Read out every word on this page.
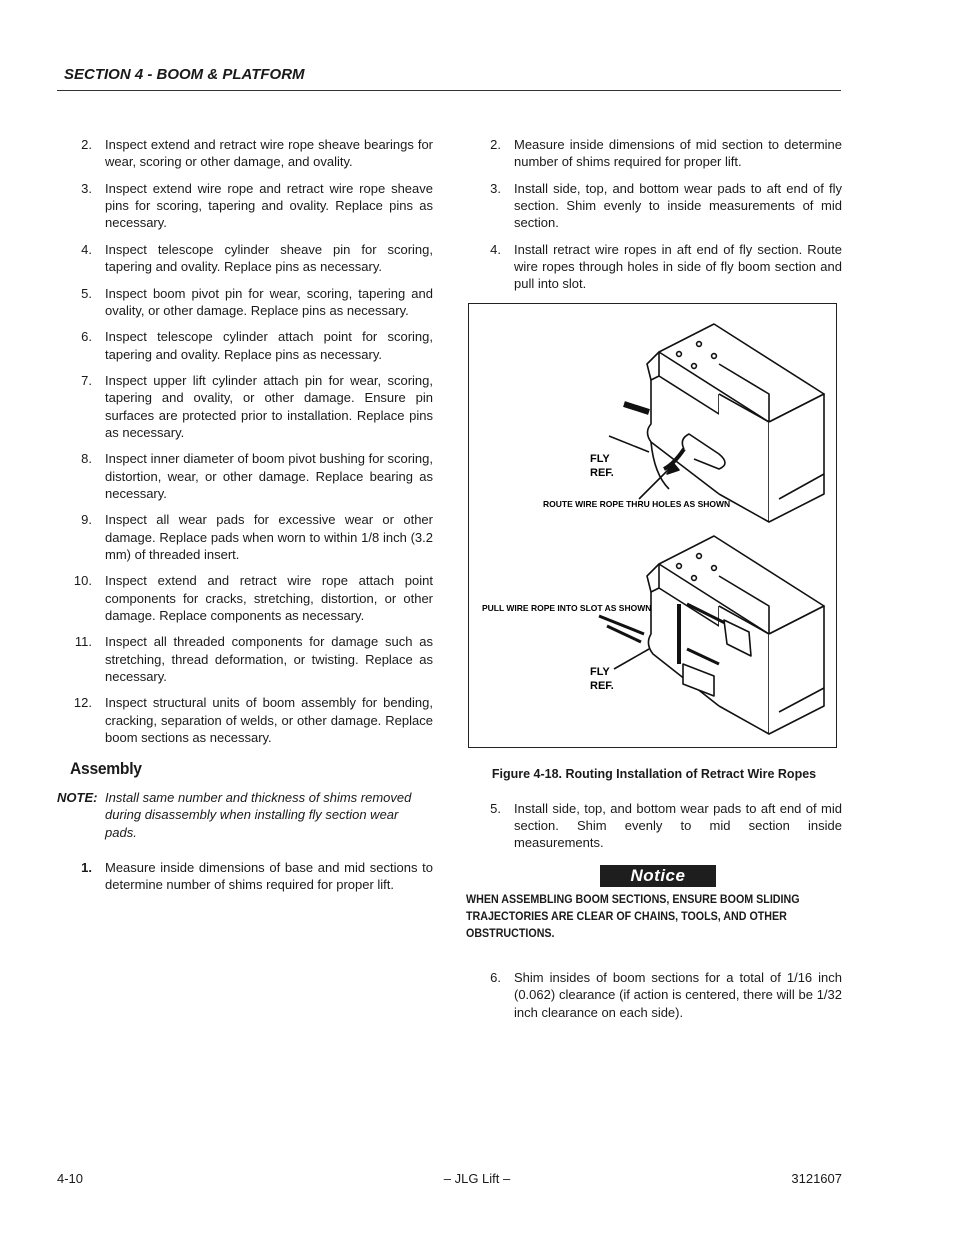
SECTION 4 - BOOM & PLATFORM
2. Inspect extend and retract wire rope sheave bearings for wear, scoring or other damage, and ovality.
3. Inspect extend wire rope and retract wire rope sheave pins for scoring, tapering and ovality. Replace pins as necessary.
4. Inspect telescope cylinder sheave pin for scoring, tapering and ovality. Replace pins as necessary.
5. Inspect boom pivot pin for wear, scoring, tapering and ovality, or other damage. Replace pins as necessary.
6. Inspect telescope cylinder attach point for scoring, tapering and ovality. Replace pins as necessary.
7. Inspect upper lift cylinder attach pin for wear, scoring, tapering and ovality, or other damage. Ensure pin surfaces are protected prior to installation. Replace pins as necessary.
8. Inspect inner diameter of boom pivot bushing for scoring, distortion, wear, or other damage. Replace bearing as necessary.
9. Inspect all wear pads for excessive wear or other damage. Replace pads when worn to within 1/8 inch (3.2 mm) of threaded insert.
10. Inspect extend and retract wire rope attach point components for cracks, stretching, distortion, or other damage. Replace components as necessary.
11. Inspect all threaded components for damage such as stretching, thread deformation, or twisting. Replace as necessary.
12. Inspect structural units of boom assembly for bending, cracking, separation of welds, or other damage. Replace boom sections as necessary.
Assembly
NOTE: Install same number and thickness of shims removed during disassembly when installing fly section wear pads.
1. Measure inside dimensions of base and mid sections to determine number of shims required for proper lift.
2. Measure inside dimensions of mid section to determine number of shims required for proper lift.
3. Install side, top, and bottom wear pads to aft end of fly section. Shim evenly to inside measurements of mid section.
4. Install retract wire ropes in aft end of fly section. Route wire ropes through holes in side of fly boom section and pull into slot.
FLY
REF.
ROUTE WIRE ROPE THRU HOLES AS SHOWN
PULL WIRE ROPE INTO SLOT AS SHOWN
FLY
REF.
Figure 4-18. Routing Installation of Retract Wire Ropes
5. Install side, top, and bottom wear pads to aft end of mid section. Shim evenly to mid section inside measurements.
Notice
WHEN ASSEMBLING BOOM SECTIONS, ENSURE BOOM SLIDING TRAJECTORIES ARE CLEAR OF CHAINS, TOOLS, AND OTHER OBSTRUCTIONS.
6. Shim insides of boom sections for a total of 1/16 inch (0.062) clearance (if action is centered, there will be 1/32 inch clearance on each side).
4-10	– JLG Lift –	3121607
